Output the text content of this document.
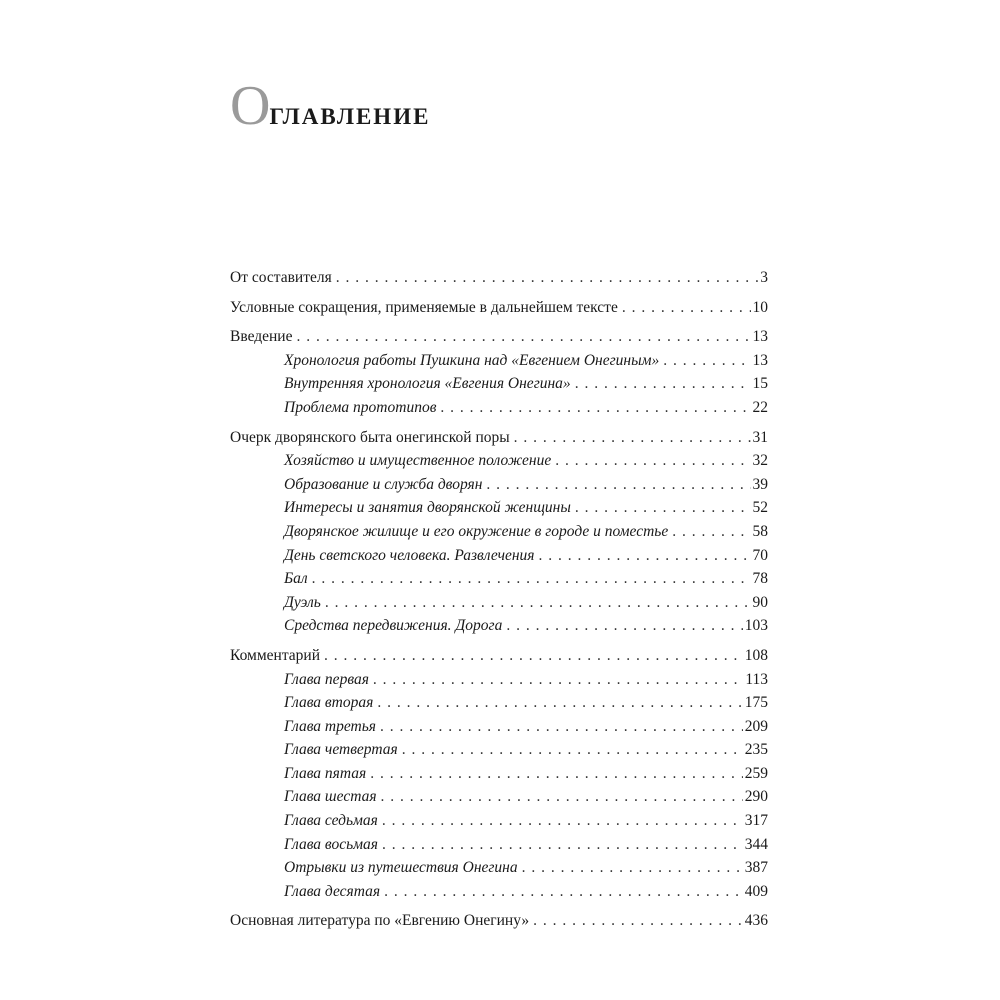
Оглавление
От составителя . . .	3
Условные сокращения, применяемые в дальнейшем тексте . . .	10
Введение . . .	13
Хронология работы Пушкина над «Евгением Онегиным» . . .	13
Внутренняя хронология «Евгения Онегина» . . .	15
Проблема прототипов . . .	22
Очерк дворянского быта онегинской поры . . .	31
Хозяйство и имущественное положение . . .	32
Образование и служба дворян . . .	39
Интересы и занятия дворянской женщины . . .	52
Дворянское жилище и его окружение в городе и поместье . . .	58
День светского человека. Развлечения . . .	70
Бал . . .	78
Дуэль . . .	90
Средства передвижения. Дорога . . .	103
Комментарий . . .	108
Глава первая . . .	113
Глава вторая . . .	175
Глава третья . . .	209
Глава четвертая . . .	235
Глава пятая . . .	259
Глава шестая . . .	290
Глава седьмая . . .	317
Глава восьмая . . .	344
Отрывки из путешествия Онегина . . .	387
Глава десятая . . .	409
Основная литература по «Евгению Онегину» . . .	436
